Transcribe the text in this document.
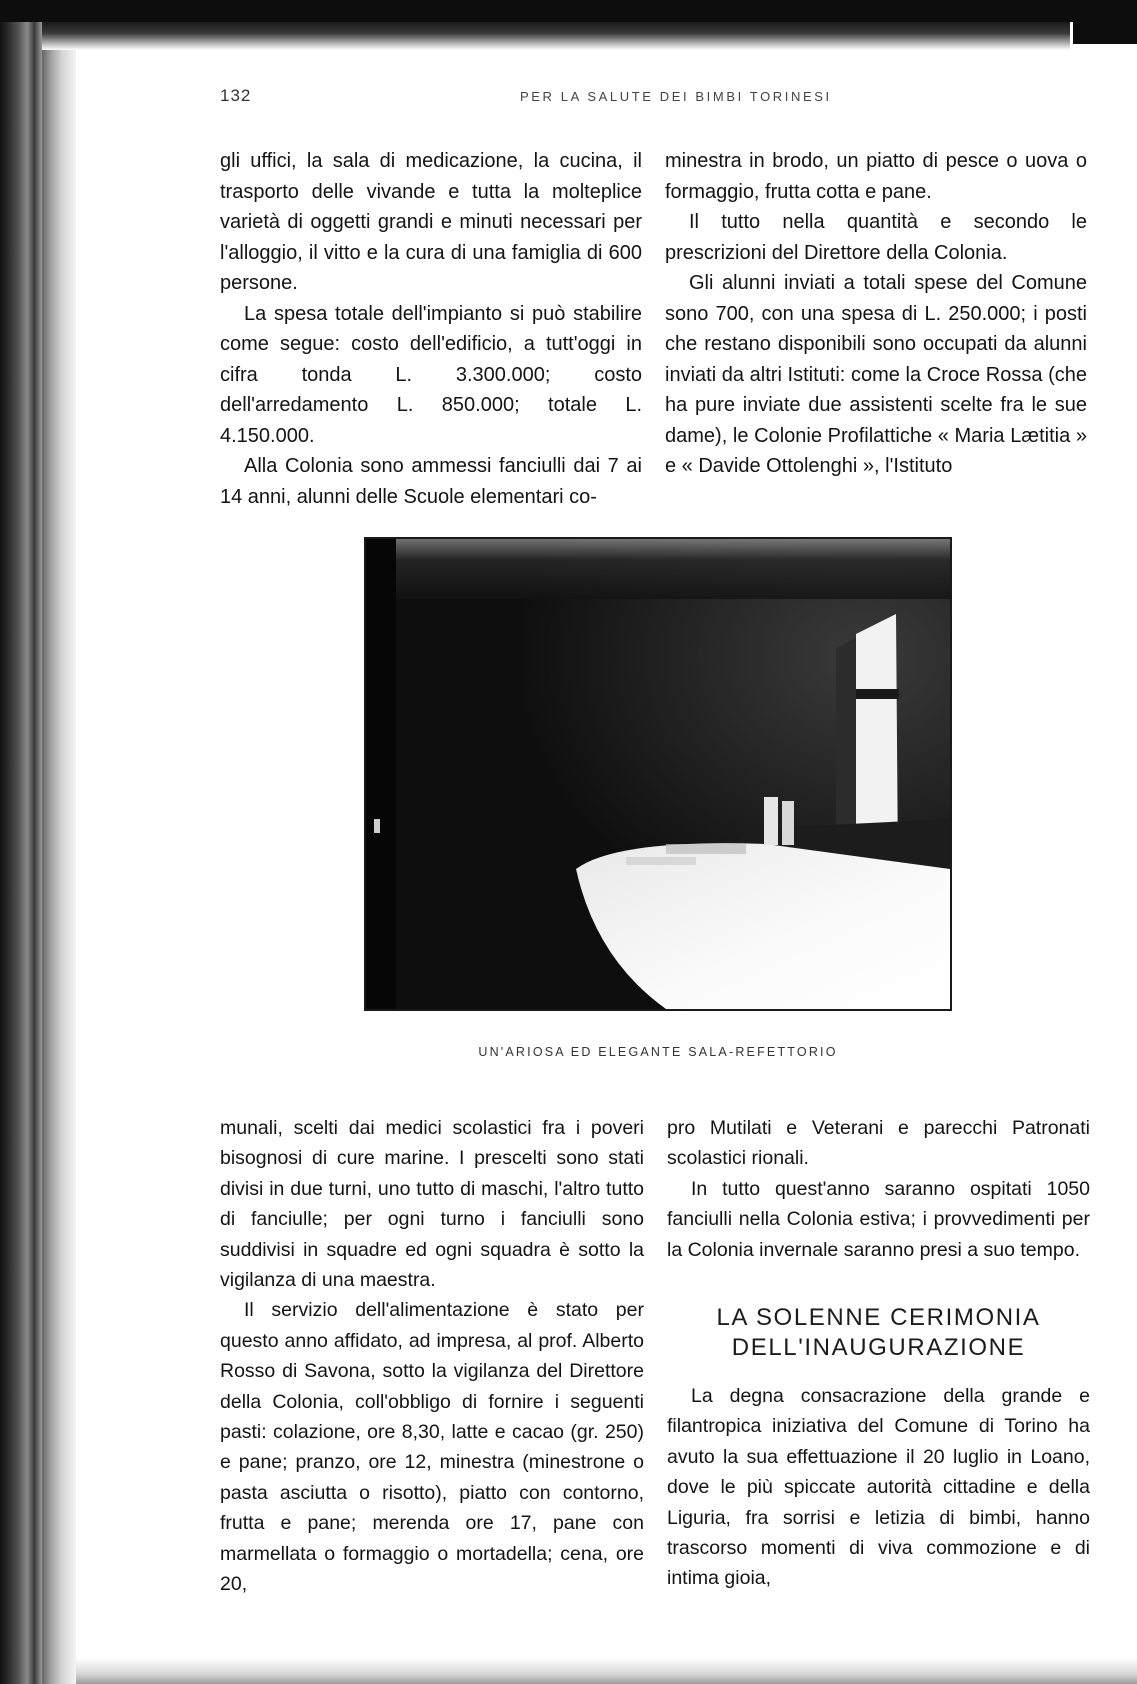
132	PER LA SALUTE DEI BIMBI TORINESI

gli uffici, la sala di medicazione, la cucina, il trasporto delle vivande e tutta la molteplice varietà di oggetti grandi e minuti necessari per l'alloggio, il vitto e la cura di una famiglia di 600 persone.

La spesa totale dell'impianto si può stabilire come segue: costo dell'edificio, a tutt'oggi in cifra tonda L. 3.300.000; costo dell'arredamento L. 850.000; totale L. 4.150.000.

Alla Colonia sono ammessi fanciulli dai 7 ai 14 anni, alunni delle Scuole elementari co-

minestra in brodo, un piatto di pesce o uova o formaggio, frutta cotta e pane.

Il tutto nella quantità e secondo le prescrizioni del Direttore della Colonia.

Gli alunni inviati a totali spese del Comune sono 700, con una spesa di L. 250.000; i posti che restano disponibili sono occupati da alunni inviati da altri Istituti: come la Croce Rossa (che ha pure inviate due assistenti scelte fra le sue dame), le Colonie Profilattiche « Maria Lætitia » e « Davide Ottolenghi », l'Istituto

UN'ARIOSA ED ELEGANTE SALA-REFETTORIO

munali, scelti dai medici scolastici fra i poveri bisognosi di cure marine. I prescelti sono stati divisi in due turni, uno tutto di maschi, l'altro tutto di fanciulle; per ogni turno i fanciulli sono suddivisi in squadre ed ogni squadra è sotto la vigilanza di una maestra.

Il servizio dell'alimentazione è stato per questo anno affidato, ad impresa, al prof. Alberto Rosso di Savona, sotto la vigilanza del Direttore della Colonia, coll'obbligo di fornire i seguenti pasti: colazione, ore 8,30, latte e cacao (gr. 250) e pane; pranzo, ore 12, minestra (minestrone o pasta asciutta o risotto), piatto con contorno, frutta e pane; merenda ore 17, pane con marmellata o formaggio o mortadella; cena, ore 20,

pro Mutilati e Veterani e parecchi Patronati scolastici rionali.

In tutto quest'anno saranno ospitati 1050 fanciulli nella Colonia estiva; i provvedimenti per la Colonia invernale saranno presi a suo tempo.

LA SOLENNE CERIMONIA
DELL'INAUGURAZIONE

La degna consacrazione della grande e filantropica iniziativa del Comune di Torino ha avuto la sua effettuazione il 20 luglio in Loano, dove le più spiccate autorità cittadine e della Liguria, fra sorrisi e letizia di bimbi, hanno trascorso momenti di viva commozione e di intima gioia,
